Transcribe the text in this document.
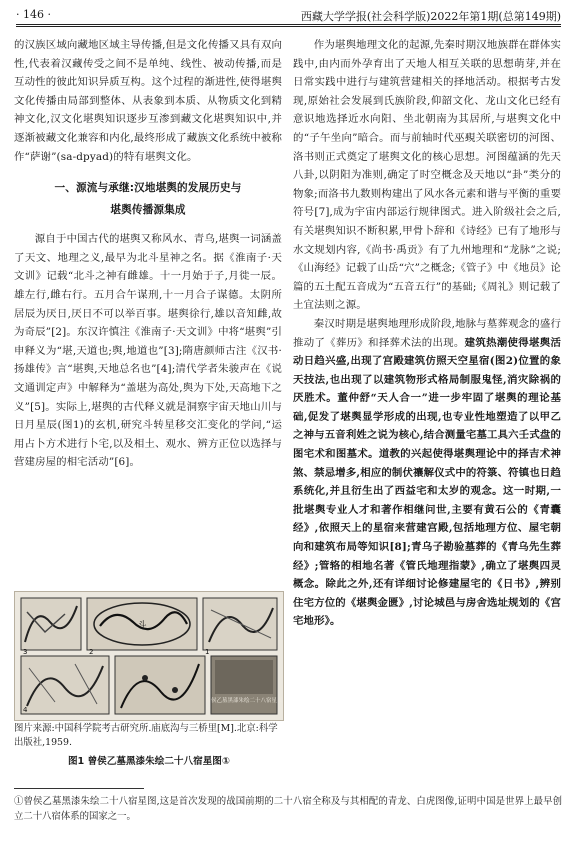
· 146 ·	西藏大学学报(社会科学版)2022年第1期(总第149期)

的汉族区域向藏地区域主导传播,但是文化传播又具有双向性,代表着汉藏传受之间不是单纯、线性、被动传播,而是互动性的彼此知识异质互构。这个过程的渐进性,使得堪舆文化传播由局部到整体、从表象到本质、从物质文化到精神文化,汉文化堪舆知识逐步互渗到藏文化堪舆知识中,并逐渐被藏文化兼容和内化,最终形成了藏族文化系统中被称作“萨谢”(sa-dpyad)的特有堪舆文化。

一、源流与承继:汉地堪舆的发展历史与
堪舆传播源集成

源自于中国古代的堪舆又称风水、青乌,堪舆一词涵盖了天文、地理之义,最早为北斗星神之名。据《淮南子·天文训》记载“北斗之神有雌雄。十一月始于子,月徙一辰。雄左行,雌右行。五月合午谋刑,十一月合子谋德。太阴所居辰为厌日,厌日不可以举百事。堪舆徐行,雄以音知雌,故为奇辰”[2]。东汉许慎注《淮南子·天文训》中将“堪舆”引申释义为“堪,天道也;舆,地道也”[3];隋唐颜师古注《汉书·扬雄传》言“堪舆,天地总名也”[4];清代学者朱骏声在《说文通训定声》中解释为“盖堪为高处,舆为下处,天高地下之义”[5]。实际上,堪舆的古代释义就是洞察宇宙天地山川与日月星辰(图1)的玄机,研究斗转星移交汇变化的学问,“运用占卜方术进行卜宅,以及相土、观水、辨方正位以选择与营建房屋的相宅活动”[6]。

斗
曾侯乙墓黑漆朱绘二十八宿星图
3	2	1
4
图片来源:中国科学院考古研究所.庙底沟与三桥里[M].北京:科学出版社,1959.
图1 曾侯乙墓黑漆朱绘二十八宿星图①

作为堪舆地理文化的起源,先秦时期汉地族群在群体实践中,由内而外孕育出了天地人相互关联的思想萌芽,并在日常实践中进行与建筑营建相关的择地活动。根据考古发现,原始社会发展到氏族阶段,仰韶文化、龙山文化已经有意识地选择近水向阳、坐北朝南为其居所,与堪舆文化中的“子午坐向”暗合。而与前轴时代巫覡关联密切的河图、洛书则正式奠定了堪舆文化的核心思想。河图蕴涵的先天八卦,以阴阳为准则,确定了时空概念及天地以“卦”类分的物象;而洛书九数则构建出了风水各元素和谐与平衡的重要符号[7],成为宇宙内部运行规律图式。进入阶级社会之后,有关堪舆知识不断积累,甲骨卜辞和《诗经》已有了地形与水文规划内容,《尚书·禹贡》有了九州地理和“龙脉”之说;《山海经》记载了山岳“穴”之概念;《管子》中《地员》论篇的五土配五音成为“五音五行”的基础;《周礼》则记载了土宜法则之源。

秦汉时期是堪舆地理形成阶段,地脉与墓葬观念的盛行推动了《葬历》和择葬术法的出现。建筑热潮使得堪舆活动日趋兴盛,出现了宫殿建筑仿照天空星宿(图2)位置的象天技法,也出现了以建筑物形式格局制服鬼怪,消灾除祸的厌胜术。董仲舒“天人合一”进一步牢固了堪舆的理论基础,促发了堪舆显学形成的出现,也专业性地塑造了以甲乙之神与五音利姓之说为核心,结合测量宅墓工具六壬式盘的图宅术和图墓术。道教的兴起使得堪舆理论中的择吉术神煞、禁忌增多,相应的制伏禳解仪式中的符箓、符镇也日趋系统化,并且衍生出了西益宅和太岁的观念。这一时期,一批堪舆专业人才和著作相继问世,主要有黄石公的《青囊经》,依照天上的星宿来营建宫殿,包括地理方位、屋宅朝向和建筑布局等知识[8];青乌子勘验墓葬的《青乌先生葬经》;管辂的相地名著《管氏地理指蒙》,确立了堪舆四灵概念。除此之外,还有详细讨论修建屋宅的《日书》,辨别住宅方位的《堪舆金匮》,讨论城邑与房舍选址规划的《宫宅地形》。

①曾侯乙墓黑漆朱绘二十八宿星图,这是首次发现的战国前期的二十八宿全称及与其相配的青龙、白虎图像,证明中国是世界上最早创立二十八宿体系的国家之一。
